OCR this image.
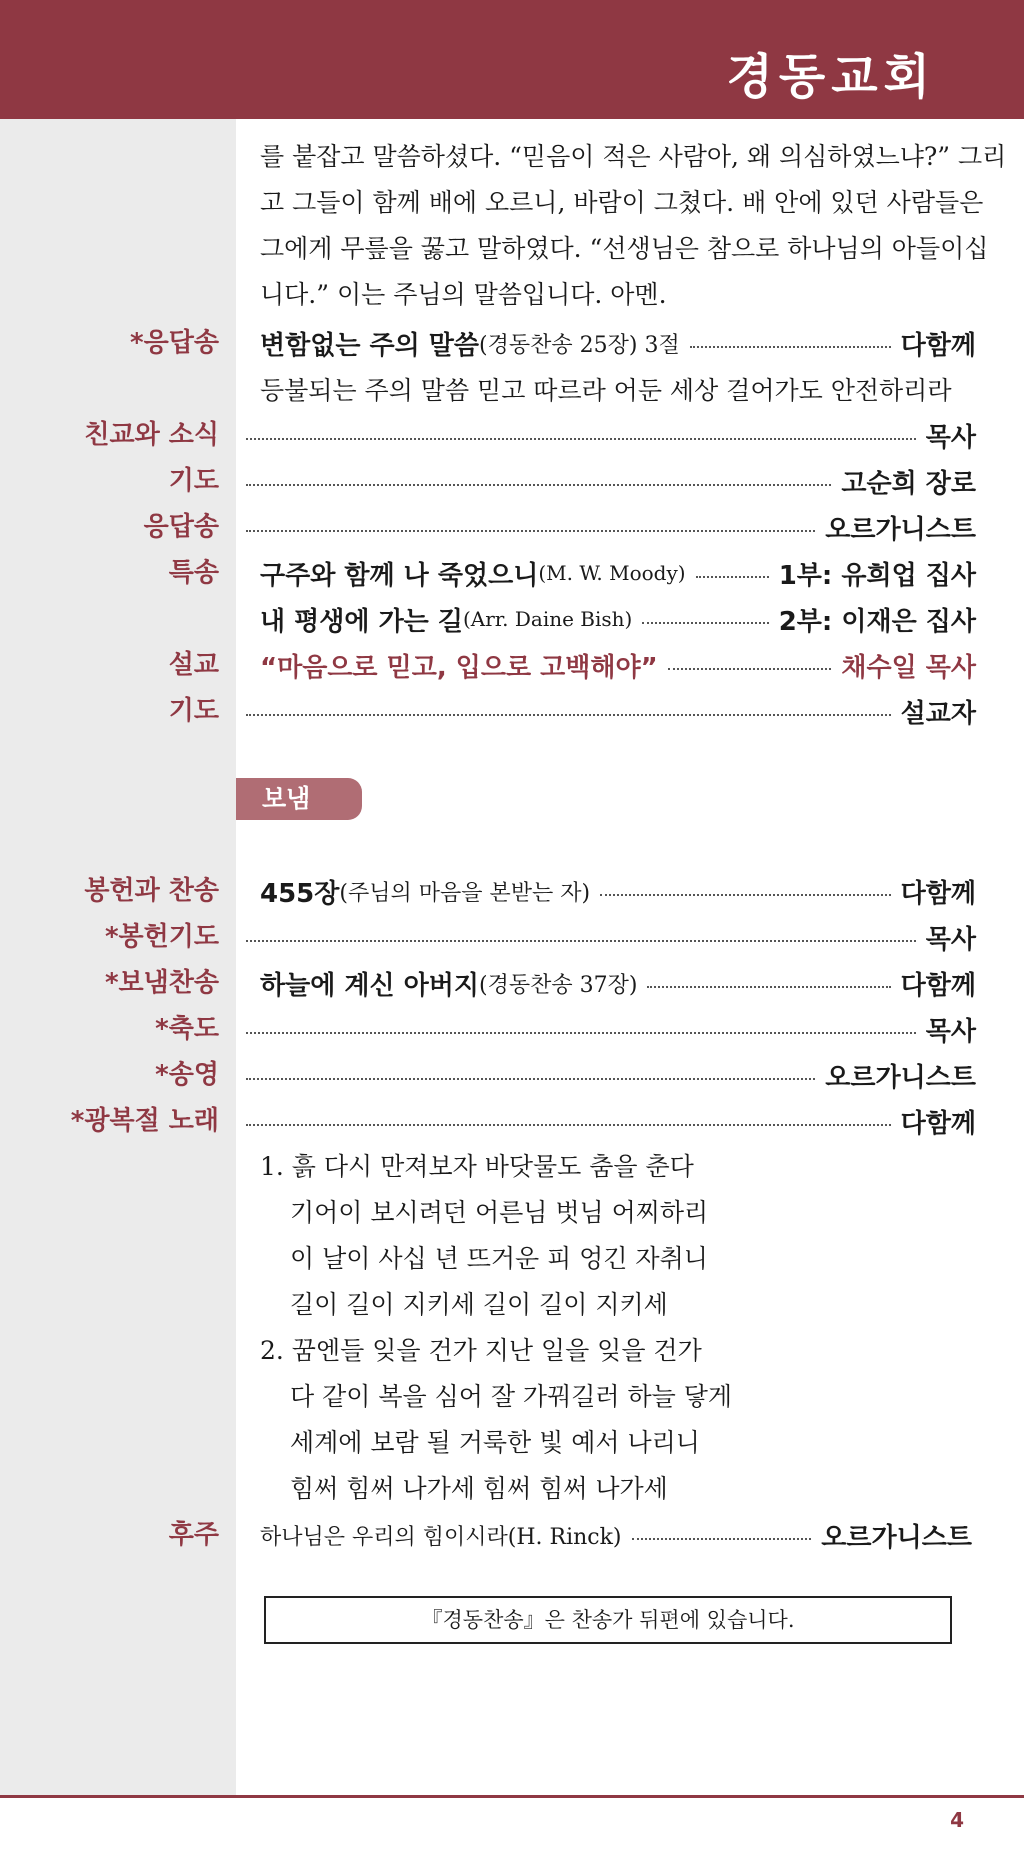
경동교회
를 붙잡고 말씀하셨다. “믿음이 적은 사람아, 왜 의심하였느냐?” 그리
고 그들이 함께 배에 오르니, 바람이 그쳤다. 배 안에 있던 사람들은
그에게 무릎을 꿇고 말하였다. “선생님은 참으로 하나님의 아들이십
니다.” 이는 주님의 말씀입니다. 아멘.
*응답송 변함없는 주의 말씀 (경동찬송 25장) 3절	다함께
등불되는 주의 말씀 믿고 따르라 어둔 세상 걸어가도 안전하리라
친교와 소식	목사
기도	고순희 장로
응답송	오르가니스트
특송 구주와 함께 나 죽었으니 (M. W. Moody)	1부: 유희업 집사
내 평생에 가는 길 (Arr. Daine Bish)	2부: 이재은 집사
설교 “마음으로 믿고, 입으로 고백해야”	채수일 목사
기도	설교자
보냄
봉헌과 찬송 455장 (주님의 마음을 본받는 자)	다함께
*봉헌기도	목사
*보냄찬송 하늘에 계신 아버지 (경동찬송 37장)	다함께
*축도	목사
*송영	오르가니스트
*광복절 노래	다함께
1. 흙 다시 만져보자 바닷물도 춤을 춘다
기어이 보시려던 어른님 벗님 어찌하리
이 날이 사십 년 뜨거운 피 엉긴 자취니
길이 길이 지키세 길이 길이 지키세
2. 꿈엔들 잊을 건가 지난 일을 잊을 건가
다 같이 복을 심어 잘 가꿔길러 하늘 닿게
세계에 보람 될 거룩한 빛 예서 나리니
힘써 힘써 나가세 힘써 힘써 나가세
후주 하나님은 우리의 힘이시라(H. Rinck)	오르가니스트
『경동찬송』은 찬송가 뒤편에 있습니다.
4
